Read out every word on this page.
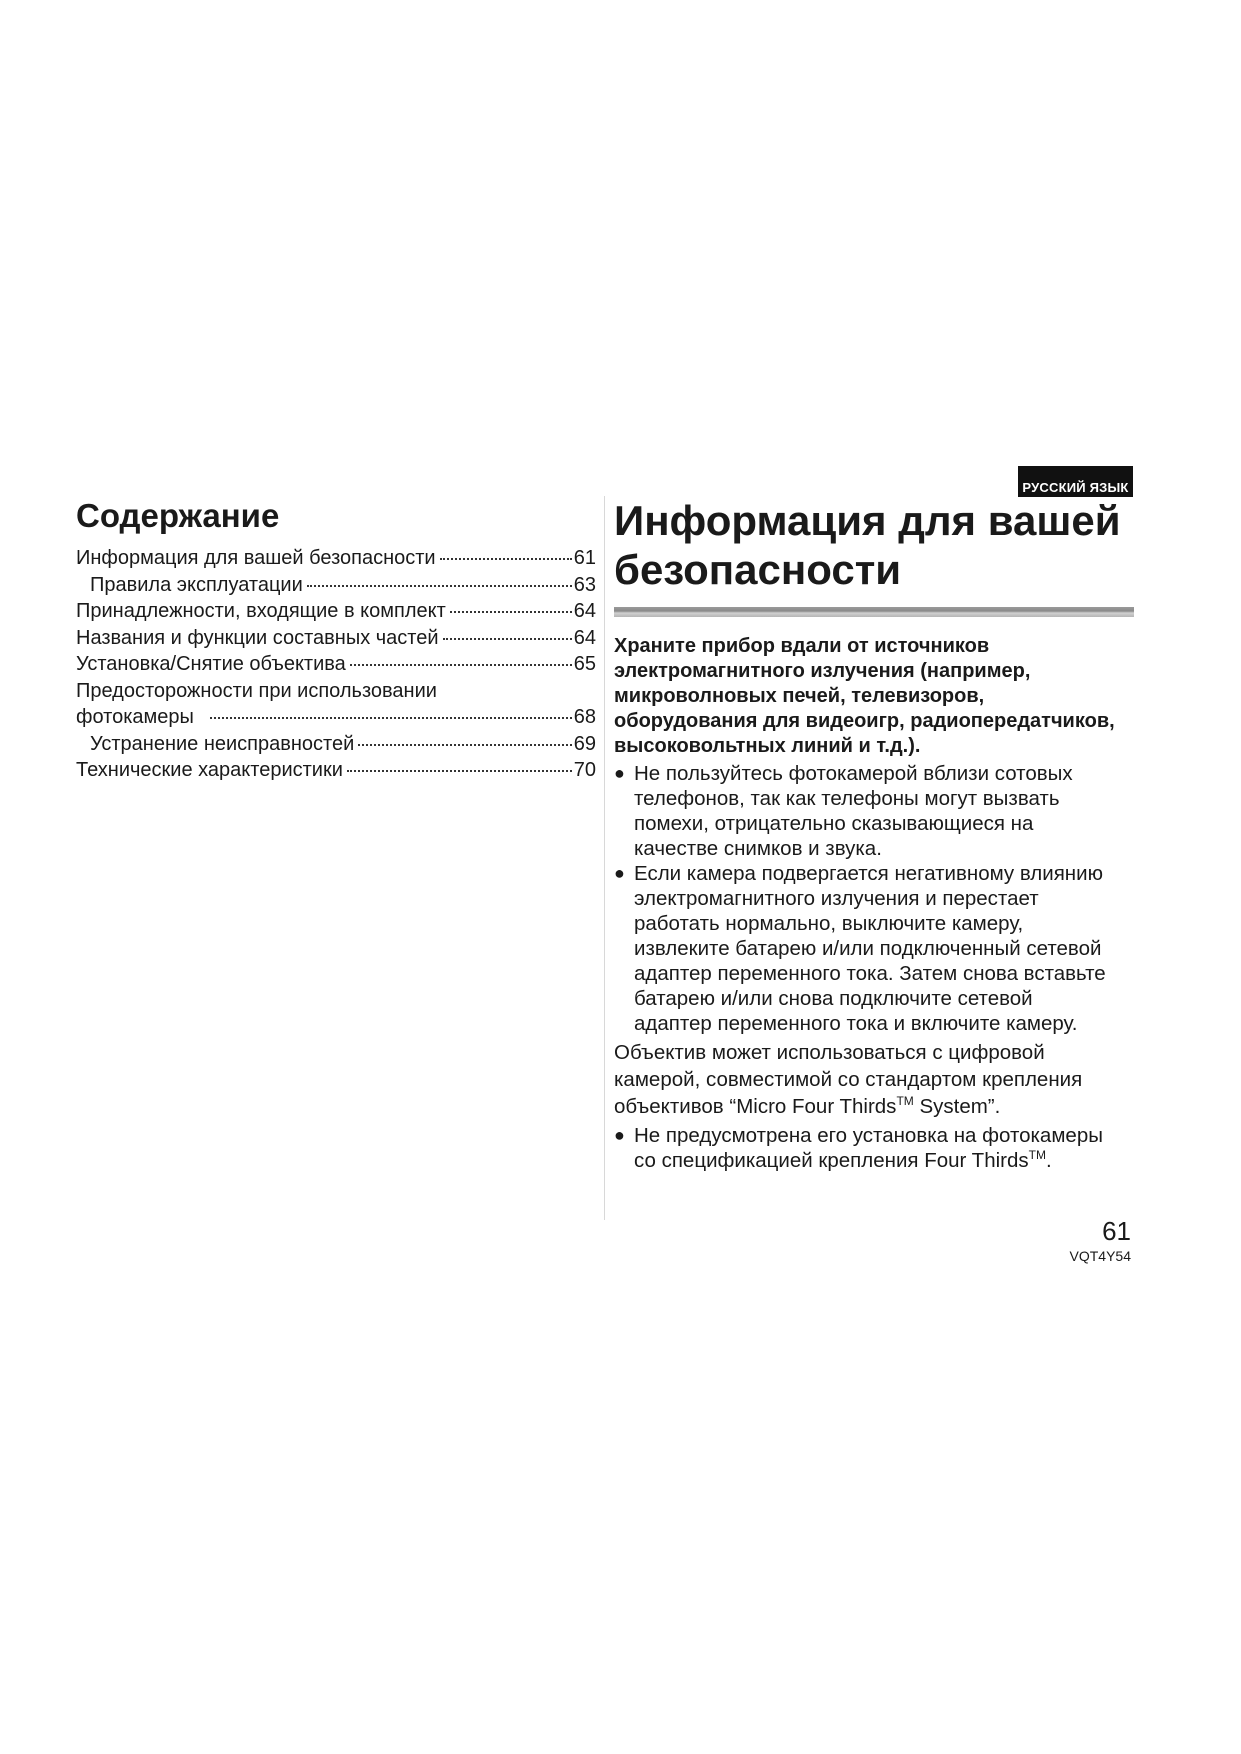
РУССКИЙ ЯЗЫК
Содержание
Информация для вашей безопасности	61
Правила эксплуатации	63
Принадлежности, входящие в комплект	64
Названия и функции составных частей	64
Установка/Снятие объектива	65
Предосторожности при использовании
фотокамеры	68
Устранение неисправностей	69
Технические характеристики	70
Информация для вашей
безопасности
Храните прибор вдали от источников
электромагнитного излучения (например,
микроволновых печей, телевизоров,
оборудования для видеоигр, радиопередатчиков,
высоковольтных линий и т.д.).
● Не пользуйтесь фотокамерой вблизи сотовых
телефонов, так как телефоны могут вызвать
помехи, отрицательно сказывающиеся на
качестве снимков и звука.
● Если камера подвергается негативному влиянию
электромагнитного излучения и перестает
работать нормально, выключите камеру,
извлеките батарею и/или подключенный сетевой
адаптер переменного тока. Затем снова вставьте
батарею и/или снова подключите сетевой
адаптер переменного тока и включите камеру.
Объектив может использоваться с цифровой
камерой, совместимой со стандартом крепления
объективов “Micro Four Thirds™ System”.
● Не предусмотрена его установка на фотокамеры
со спецификацией крепления Four Thirds™.
61
VQT4Y54
